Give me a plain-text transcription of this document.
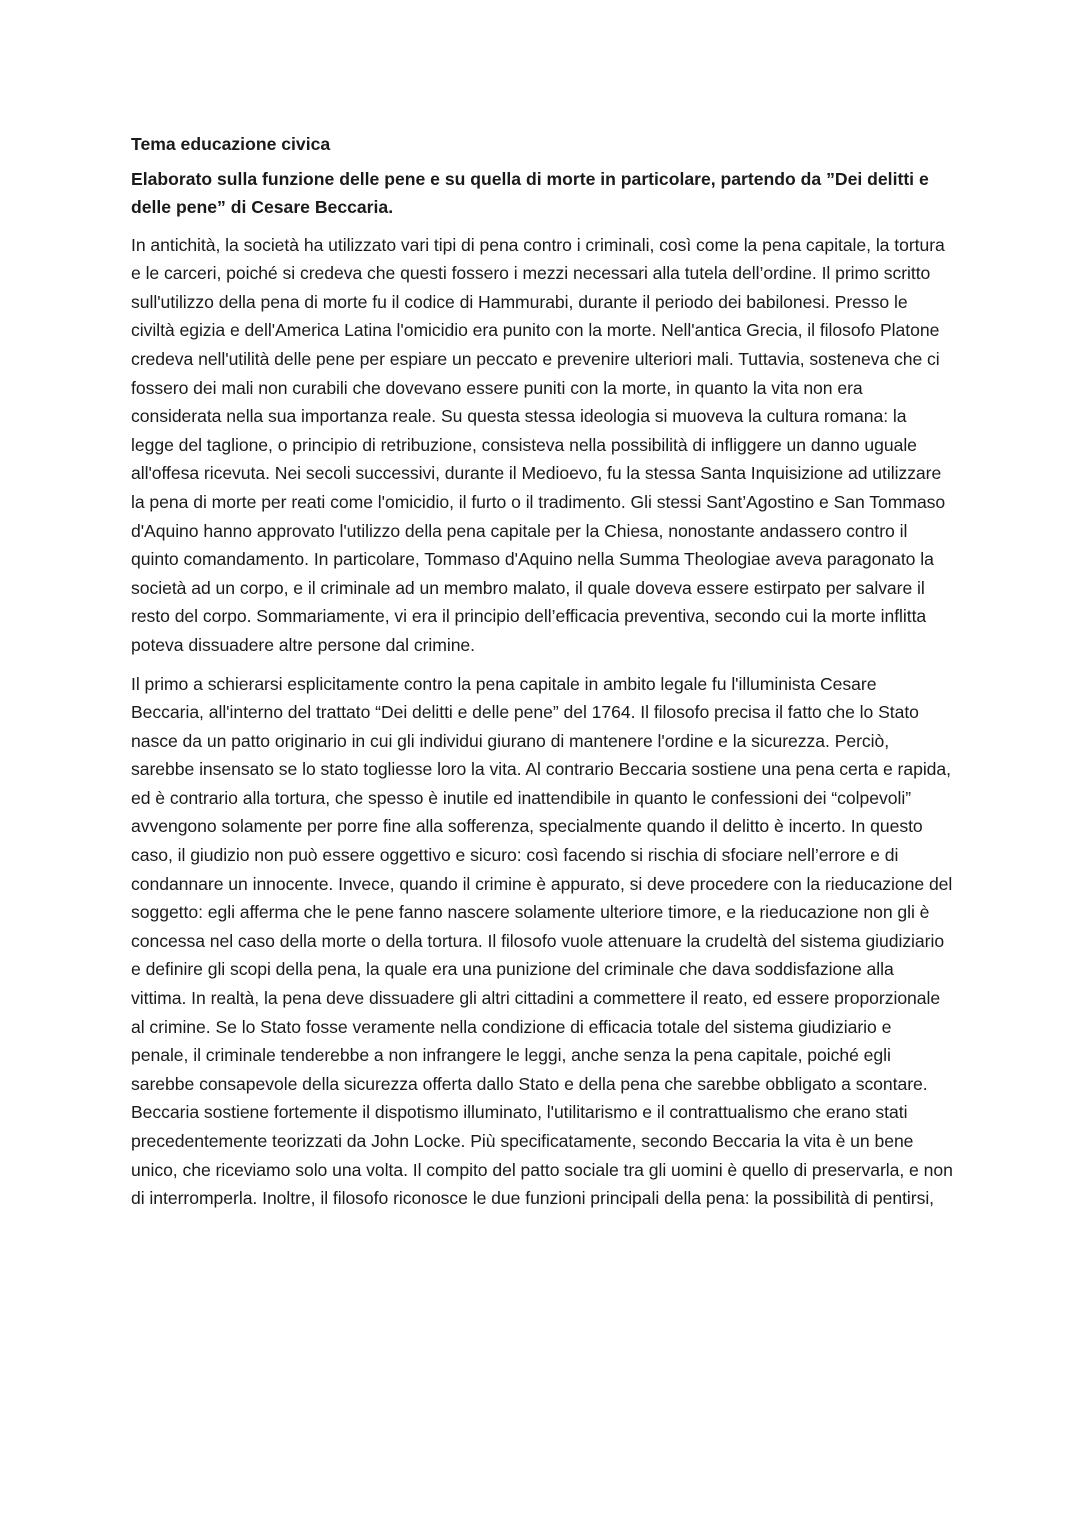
Tema educazione civica
Elaborato sulla funzione delle pene e su quella di morte in particolare, partendo da ”Dei delitti e delle pene” di Cesare Beccaria.

In antichità, la società ha utilizzato vari tipi di pena contro i criminali, così come la pena capitale, la tortura e le carceri, poiché si credeva che questi fossero i mezzi necessari alla tutela dell’ordine. Il primo scritto sull'utilizzo della pena di morte fu il codice di Hammurabi, durante il periodo dei babilonesi. Presso le civiltà egizia e dell'America Latina l'omicidio era punito con la morte. Nell'antica Grecia, il filosofo Platone credeva nell'utilità delle pene per espiare un peccato e prevenire ulteriori mali. Tuttavia, sosteneva che ci fossero dei mali non curabili che dovevano essere puniti con la morte, in quanto la vita non era considerata nella sua importanza reale. Su questa stessa ideologia si muoveva la cultura romana: la legge del taglione, o principio di retribuzione, consisteva nella possibilità di infliggere un danno uguale all'offesa ricevuta. Nei secoli successivi, durante il Medioevo, fu la stessa Santa Inquisizione ad utilizzare la pena di morte per reati come l'omicidio, il furto o il tradimento. Gli stessi Sant’Agostino e San Tommaso d'Aquino hanno approvato l'utilizzo della pena capitale per la Chiesa, nonostante andassero contro il quinto comandamento. In particolare, Tommaso d'Aquino nella Summa Theologiae aveva paragonato la società ad un corpo, e il criminale ad un membro malato, il quale doveva essere estirpato per salvare il resto del corpo. Sommariamente, vi era il principio dell’efficacia preventiva, secondo cui la morte inflitta poteva dissuadere altre persone dal crimine.

Il primo a schierarsi esplicitamente contro la pena capitale in ambito legale fu l'illuminista Cesare Beccaria, all'interno del trattato “Dei delitti e delle pene” del 1764. Il filosofo precisa il fatto che lo Stato nasce da un patto originario in cui gli individui giurano di mantenere l'ordine e la sicurezza. Perciò, sarebbe insensato se lo stato togliesse loro la vita. Al contrario Beccaria sostiene una pena certa e rapida, ed è contrario alla tortura, che spesso è inutile ed inattendibile in quanto le confessioni dei “colpevoli” avvengono solamente per porre fine alla sofferenza, specialmente quando il delitto è incerto. In questo caso, il giudizio non può essere oggettivo e sicuro: così facendo si rischia di sfociare nell’errore e di condannare un innocente. Invece, quando il crimine è appurato, si deve procedere con la rieducazione del soggetto: egli afferma che le pene fanno nascere solamente ulteriore timore, e la rieducazione non gli è concessa nel caso della morte o della tortura. Il filosofo vuole attenuare la crudeltà del sistema giudiziario e definire gli scopi della pena, la quale era una punizione del criminale che dava soddisfazione alla vittima. In realtà, la pena deve dissuadere gli altri cittadini a commettere il reato, ed essere proporzionale al crimine. Se lo Stato fosse veramente nella condizione di efficacia totale del sistema giudiziario e penale, il criminale tenderebbe a non infrangere le leggi, anche senza la pena capitale, poiché egli sarebbe consapevole della sicurezza offerta dallo Stato e della pena che sarebbe obbligato a scontare. Beccaria sostiene fortemente il dispotismo illuminato, l'utilitarismo e il contrattualismo che erano stati precedentemente teorizzati da John Locke. Più specificatamente, secondo Beccaria la vita è un bene unico, che riceviamo solo una volta. Il compito del patto sociale tra gli uomini è quello di preservarla, e non di interromperla. Inoltre, il filosofo riconosce le due funzioni principali della pena: la possibilità di pentirsi,
